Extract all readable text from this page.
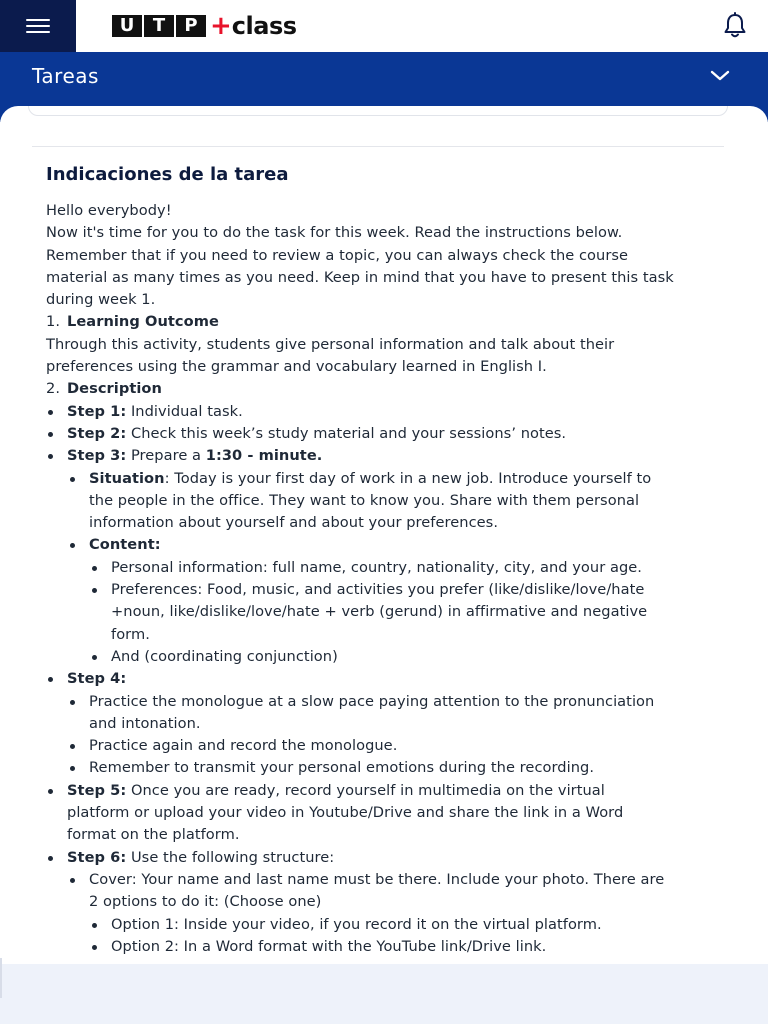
U	T	P + class
Tareas
Indicaciones de la tarea

Hello everybody!

Now it's time for you to do the task for this week. Read the instructions below.

Remember that if you need to review a topic, you can always check the course

material as many times as you need. Keep in mind that you have to present this task

during week 1.

1. Learning Outcome

Through this activity, students give personal information and talk about their

preferences using the grammar and vocabulary learned in English I.

2. Description
Step 1: Individual task.
Step 2: Check this week’s study material and your sessions’ notes.
Step 3: Prepare a 1:30 - minute.
Situation: Today is your first day of work in a new job. Introduce yourself to
the people in the office. They want to know you. Share with them personal
information about yourself and about your preferences.
Content:
Personal information: full name, country, nationality, city, and your age.
Preferences: Food, music, and activities you prefer (like/dislike/love/hate
+noun, like/dislike/love/hate + verb (gerund) in affirmative and negative
form.
And (coordinating conjunction)
Step 4:
Practice the monologue at a slow pace paying attention to the pronunciation
and intonation.
Practice again and record the monologue.
Remember to transmit your personal emotions during the recording.
Step 5: Once you are ready, record yourself in multimedia on the virtual
platform or upload your video in Youtube/Drive and share the link in a Word
format on the platform.
Step 6: Use the following structure:
Cover: Your name and last name must be there. Include your photo. There are
2 options to do it: (Choose one)
Option 1: Inside your video, if you record it on the virtual platform.
Option 2: In a Word format with the YouTube link/Drive link.
